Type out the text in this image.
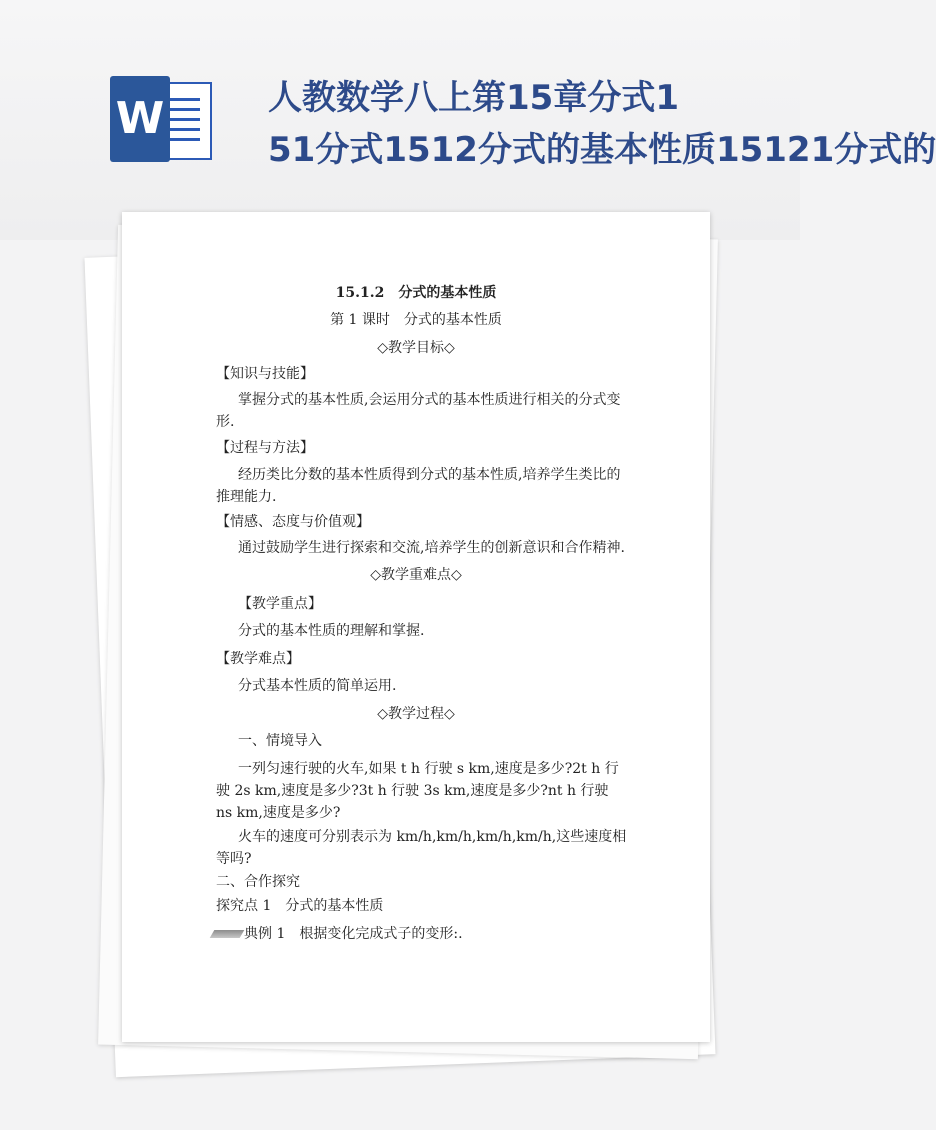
W	人教数学八上第15章分式1
51分式1512分式的基本性质15121分式的

15.1.2　分式的基本性质

第 1 课时　分式的基本性质

◇教学目标◇

【知识与技能】

掌握分式的基本性质,会运用分式的基本性质进行相关的分式变形.

【过程与方法】

经历类比分数的基本性质得到分式的基本性质,培养学生类比的推理能力.

【情感、态度与价值观】

通过鼓励学生进行探索和交流,培养学生的创新意识和合作精神.

◇教学重难点◇

【教学重点】

分式的基本性质的理解和掌握.

【教学难点】

分式基本性质的简单运用.

◇教学过程◇

一、情境导入

一列匀速行驶的火车,如果 t h 行驶 s km,速度是多少?2t h 行驶 2s km,速度是多少?3t h 行驶 3s km,速度是多少?nt h 行驶 ns km,速度是多少?

火车的速度可分别表示为 km/h,km/h,km/h,km/h,这些速度相等吗?

二、合作探究

探究点 1　分式的基本性质

典例 1　根据变化完成式子的变形:.
